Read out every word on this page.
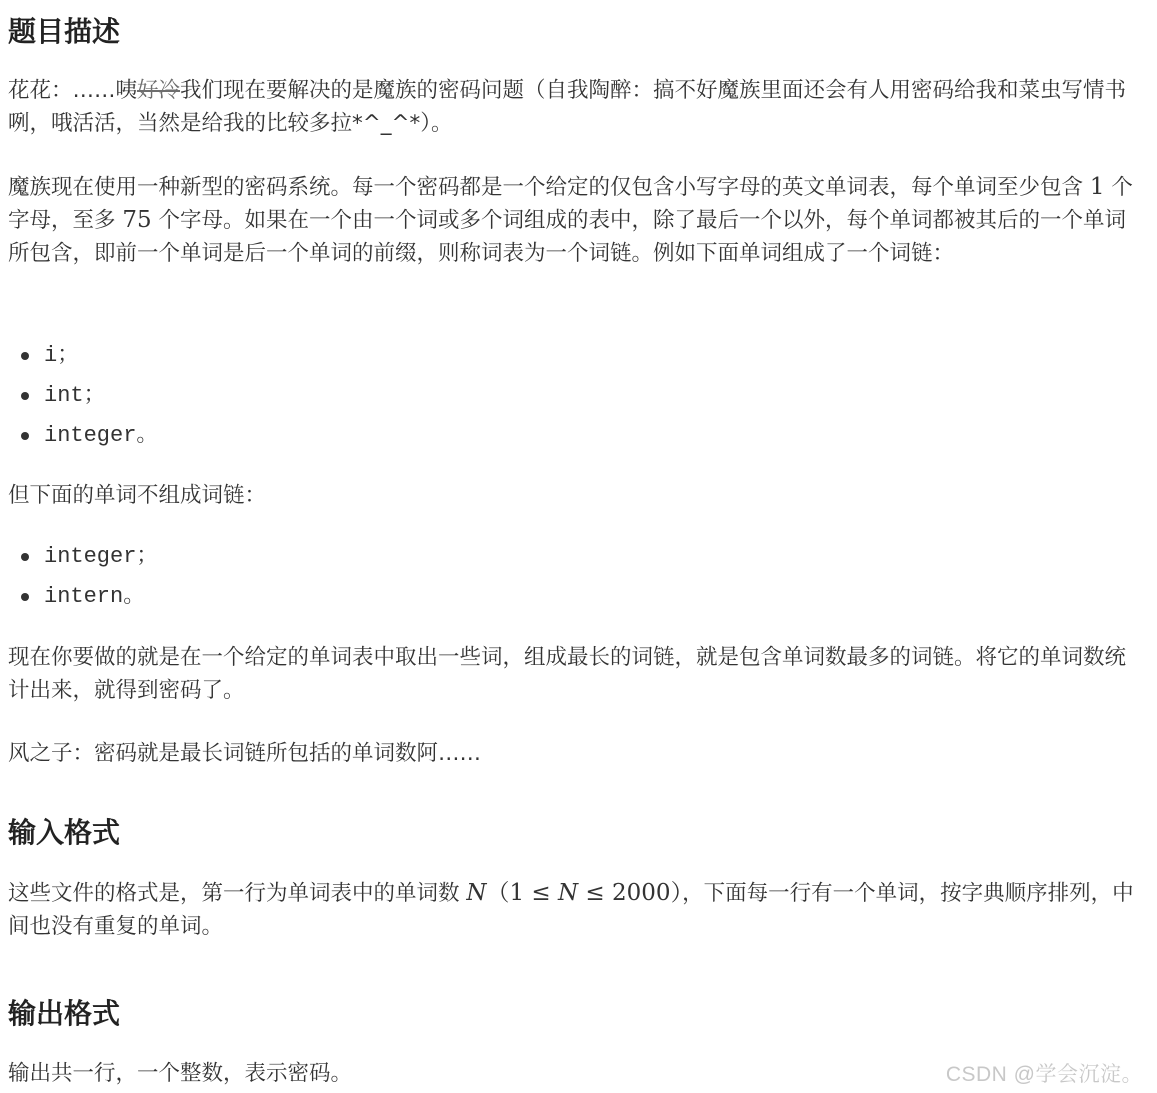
题目描述

花花：……咦好冷我们现在要解决的是魔族的密码问题（自我陶醉：搞不好魔族里面还会有人用密码给我和菜虫写情书咧，哦活活，当然是给我的比较多拉*^_^*）。

魔族现在使用一种新型的密码系统。每一个密码都是一个给定的仅包含小写字母的英文单词表，每个单词至少包含 1 个字母，至多 75 个字母。如果在一个由一个词或多个词组成的表中，除了最后一个以外，每个单词都被其后的一个单词所包含，即前一个单词是后一个单词的前缀，则称词表为一个词链。例如下面单词组成了一个词链：

i；
int；
integer。

但下面的单词不组成词链：

integer；
intern。

现在你要做的就是在一个给定的单词表中取出一些词，组成最长的词链，就是包含单词数最多的词链。将它的单词数统计出来，就得到密码了。

风之子：密码就是最长词链所包括的单词数阿……

输入格式

这些文件的格式是，第一行为单词表中的单词数 N（1 ≤ N ≤ 2000），下面每一行有一个单词，按字典顺序排列，中间也没有重复的单词。

输出格式

输出共一行，一个整数，表示密码。	CSDN @学会沉淀。
